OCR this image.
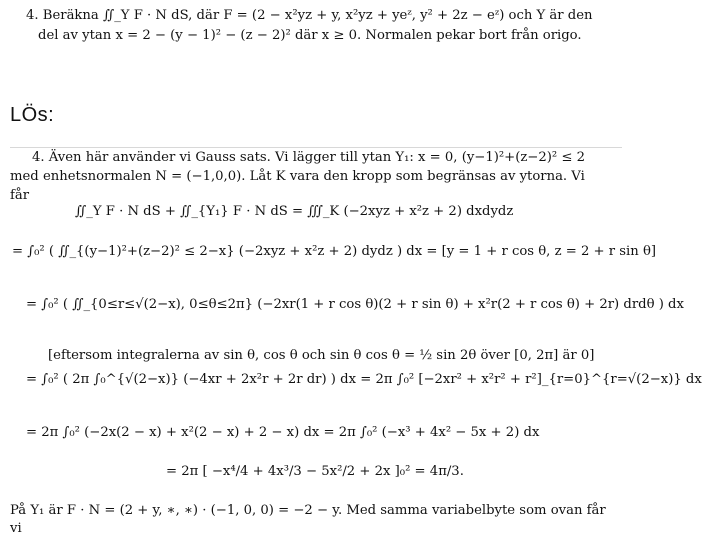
4. Beräkna ∬_Y F · N dS, där F = (2 − x²yz + y, x²yz + yeᶻ, y² + 2z − eᶻ) och Y är den
del av ytan x = 2 − (y − 1)² − (z − 2)² där x ≥ 0. Normalen pekar bort från origo.
LÖs:
4. Även här använder vi Gauss sats. Vi lägger till ytan Y₁: x = 0, (y−1)²+(z−2)² ≤ 2
med enhetsnormalen N = (−1,0,0). Låt K vara den kropp som begränsas av ytorna. Vi
får
∬_Y F · N dS + ∬_{Y₁} F · N dS = ∭_K (−2xyz + x²z + 2) dxdydz
= ∫₀² ( ∬_{(y−1)²+(z−2)² ≤ 2−x} (−2xyz + x²z + 2) dydz ) dx = [y = 1 + r cos θ, z = 2 + r sin θ]
= ∫₀² ( ∬_{0≤r≤√(2−x), 0≤θ≤2π} (−2xr(1 + r cos θ)(2 + r sin θ) + x²r(2 + r cos θ) + 2r) drdθ ) dx
[eftersom integralerna av sin θ, cos θ och sin θ cos θ = ½ sin 2θ över [0, 2π] är 0]
= ∫₀² ( 2π ∫₀^{√(2−x)} (−4xr + 2x²r + 2r dr) ) dx = 2π ∫₀² [−2xr² + x²r² + r²]_{r=0}^{r=√(2−x)} dx
= 2π ∫₀² (−2x(2 − x) + x²(2 − x) + 2 − x) dx = 2π ∫₀² (−x³ + 4x² − 5x + 2) dx
= 2π [ −x⁴/4 + 4x³/3 − 5x²/2 + 2x ]₀² = 4π/3.
På Y₁ är F · N = (2 + y, ∗, ∗) · (−1, 0, 0) = −2 − y. Med samma variabelbyte som ovan får
vi
